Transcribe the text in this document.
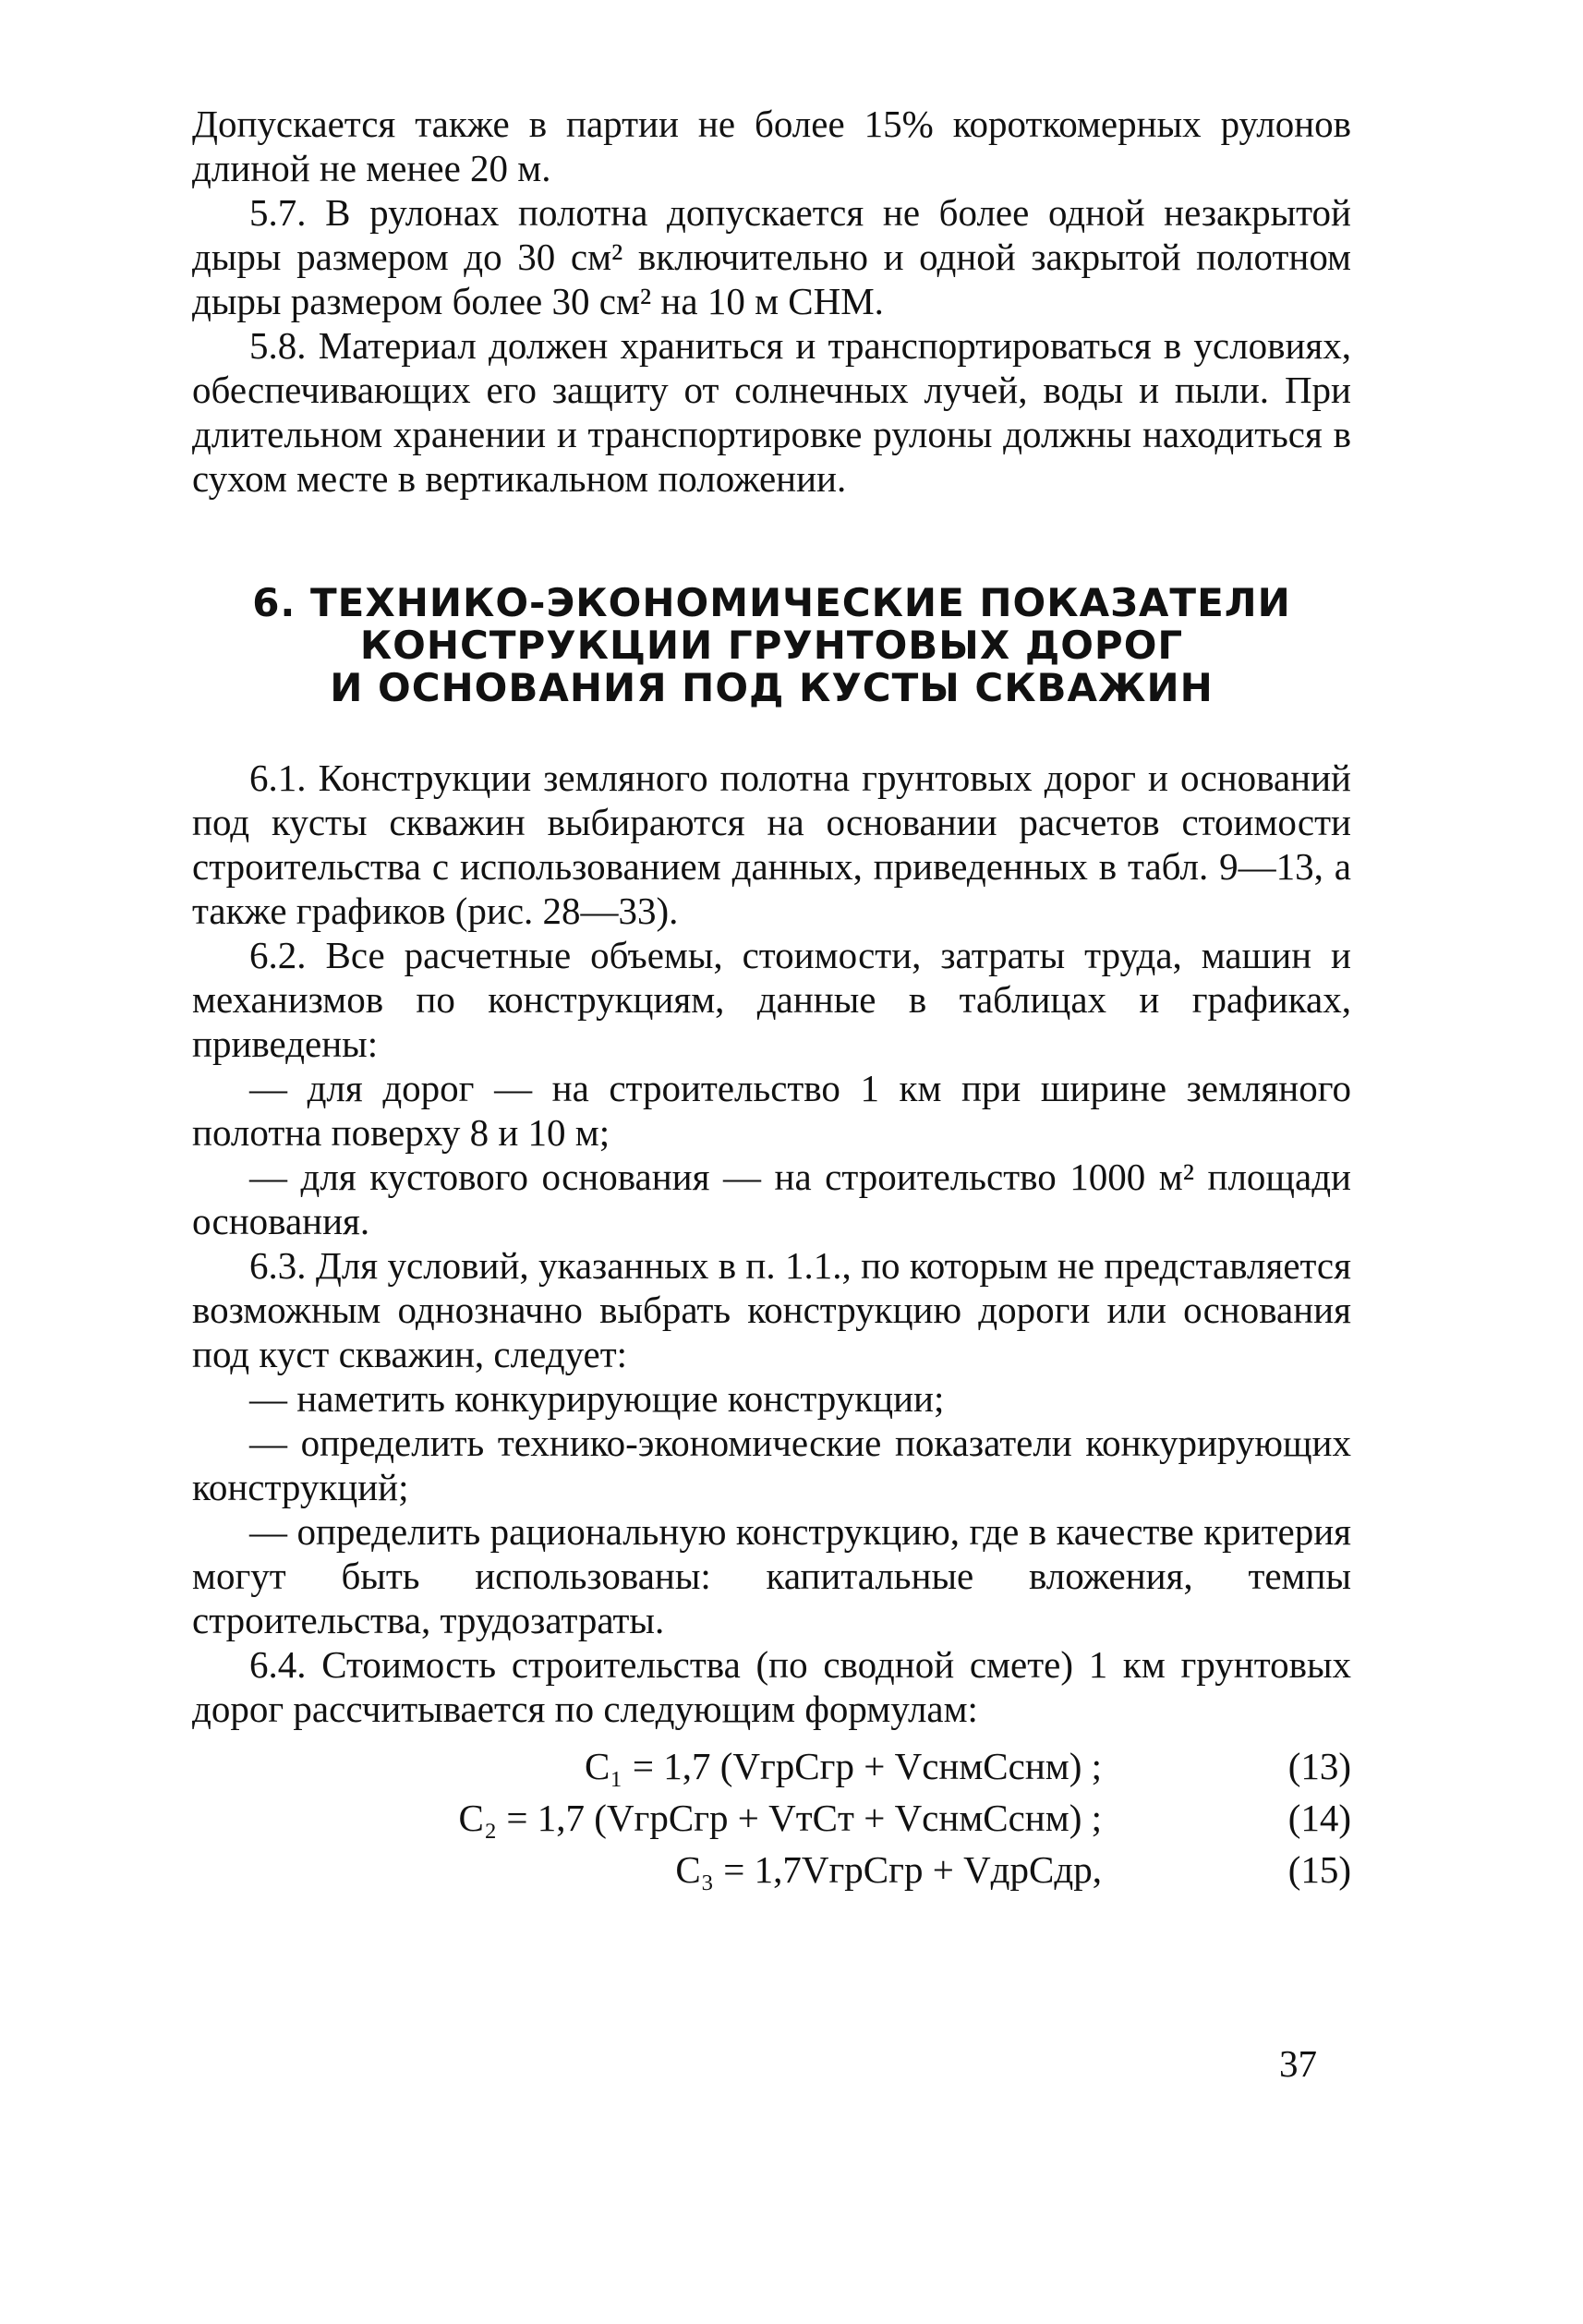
Допускается также в партии не более 15% короткомерных рулонов длиной не менее 20 м.

5.7. В рулонах полотна допускается не более одной незакрытой дыры размером до 30 см² включительно и одной закрытой полотном дыры размером более 30 см² на 10 м СНМ.

5.8. Материал должен храниться и транспортироваться в условиях, обеспечивающих его защиту от солнечных лучей, воды и пыли. При длительном хранении и транспортировке рулоны должны находиться в сухом месте в вертикальном положении.

6. ТЕХНИКО-ЭКОНОМИЧЕСКИЕ ПОКАЗАТЕЛИ
КОНСТРУКЦИИ ГРУНТОВЫХ ДОРОГ
И ОСНОВАНИЯ ПОД КУСТЫ СКВАЖИН

6.1. Конструкции земляного полотна грунтовых дорог и оснований под кусты скважин выбираются на основании расчетов стоимости строительства с использованием данных, приведенных в табл. 9—13, а также графиков (рис. 28—33).

6.2. Все расчетные объемы, стоимости, затраты труда, машин и механизмов по конструкциям, данные в таблицах и графиках, приведены:

— для дорог — на строительство 1 км при ширине земляного полотна поверху 8 и 10 м;

— для кустового основания — на строительство 1000 м² площади основания.

6.3. Для условий, указанных в п. 1.1., по которым не представляется возможным однозначно выбрать конструкцию дороги или основания под куст скважин, следует:

— наметить конкурирующие конструкции;

— определить технико-экономические показатели конкурирующих конструкций;

— определить рациональную конструкцию, где в качестве критерия могут быть использованы: капитальные вложения, темпы строительства, трудозатраты.

6.4. Стоимость строительства (по сводной смете) 1 км грунтовых дорог рассчитывается по следующим формулам:

C₁ = 1,7 (VгрCгр + VснмCснм) ;	(13)
C₂ = 1,7 (VгрCгр + VтCт + VснмCснм) ;	(14)
C₃ = 1,7VгрCгр + VдрCдр,	(15)
37
